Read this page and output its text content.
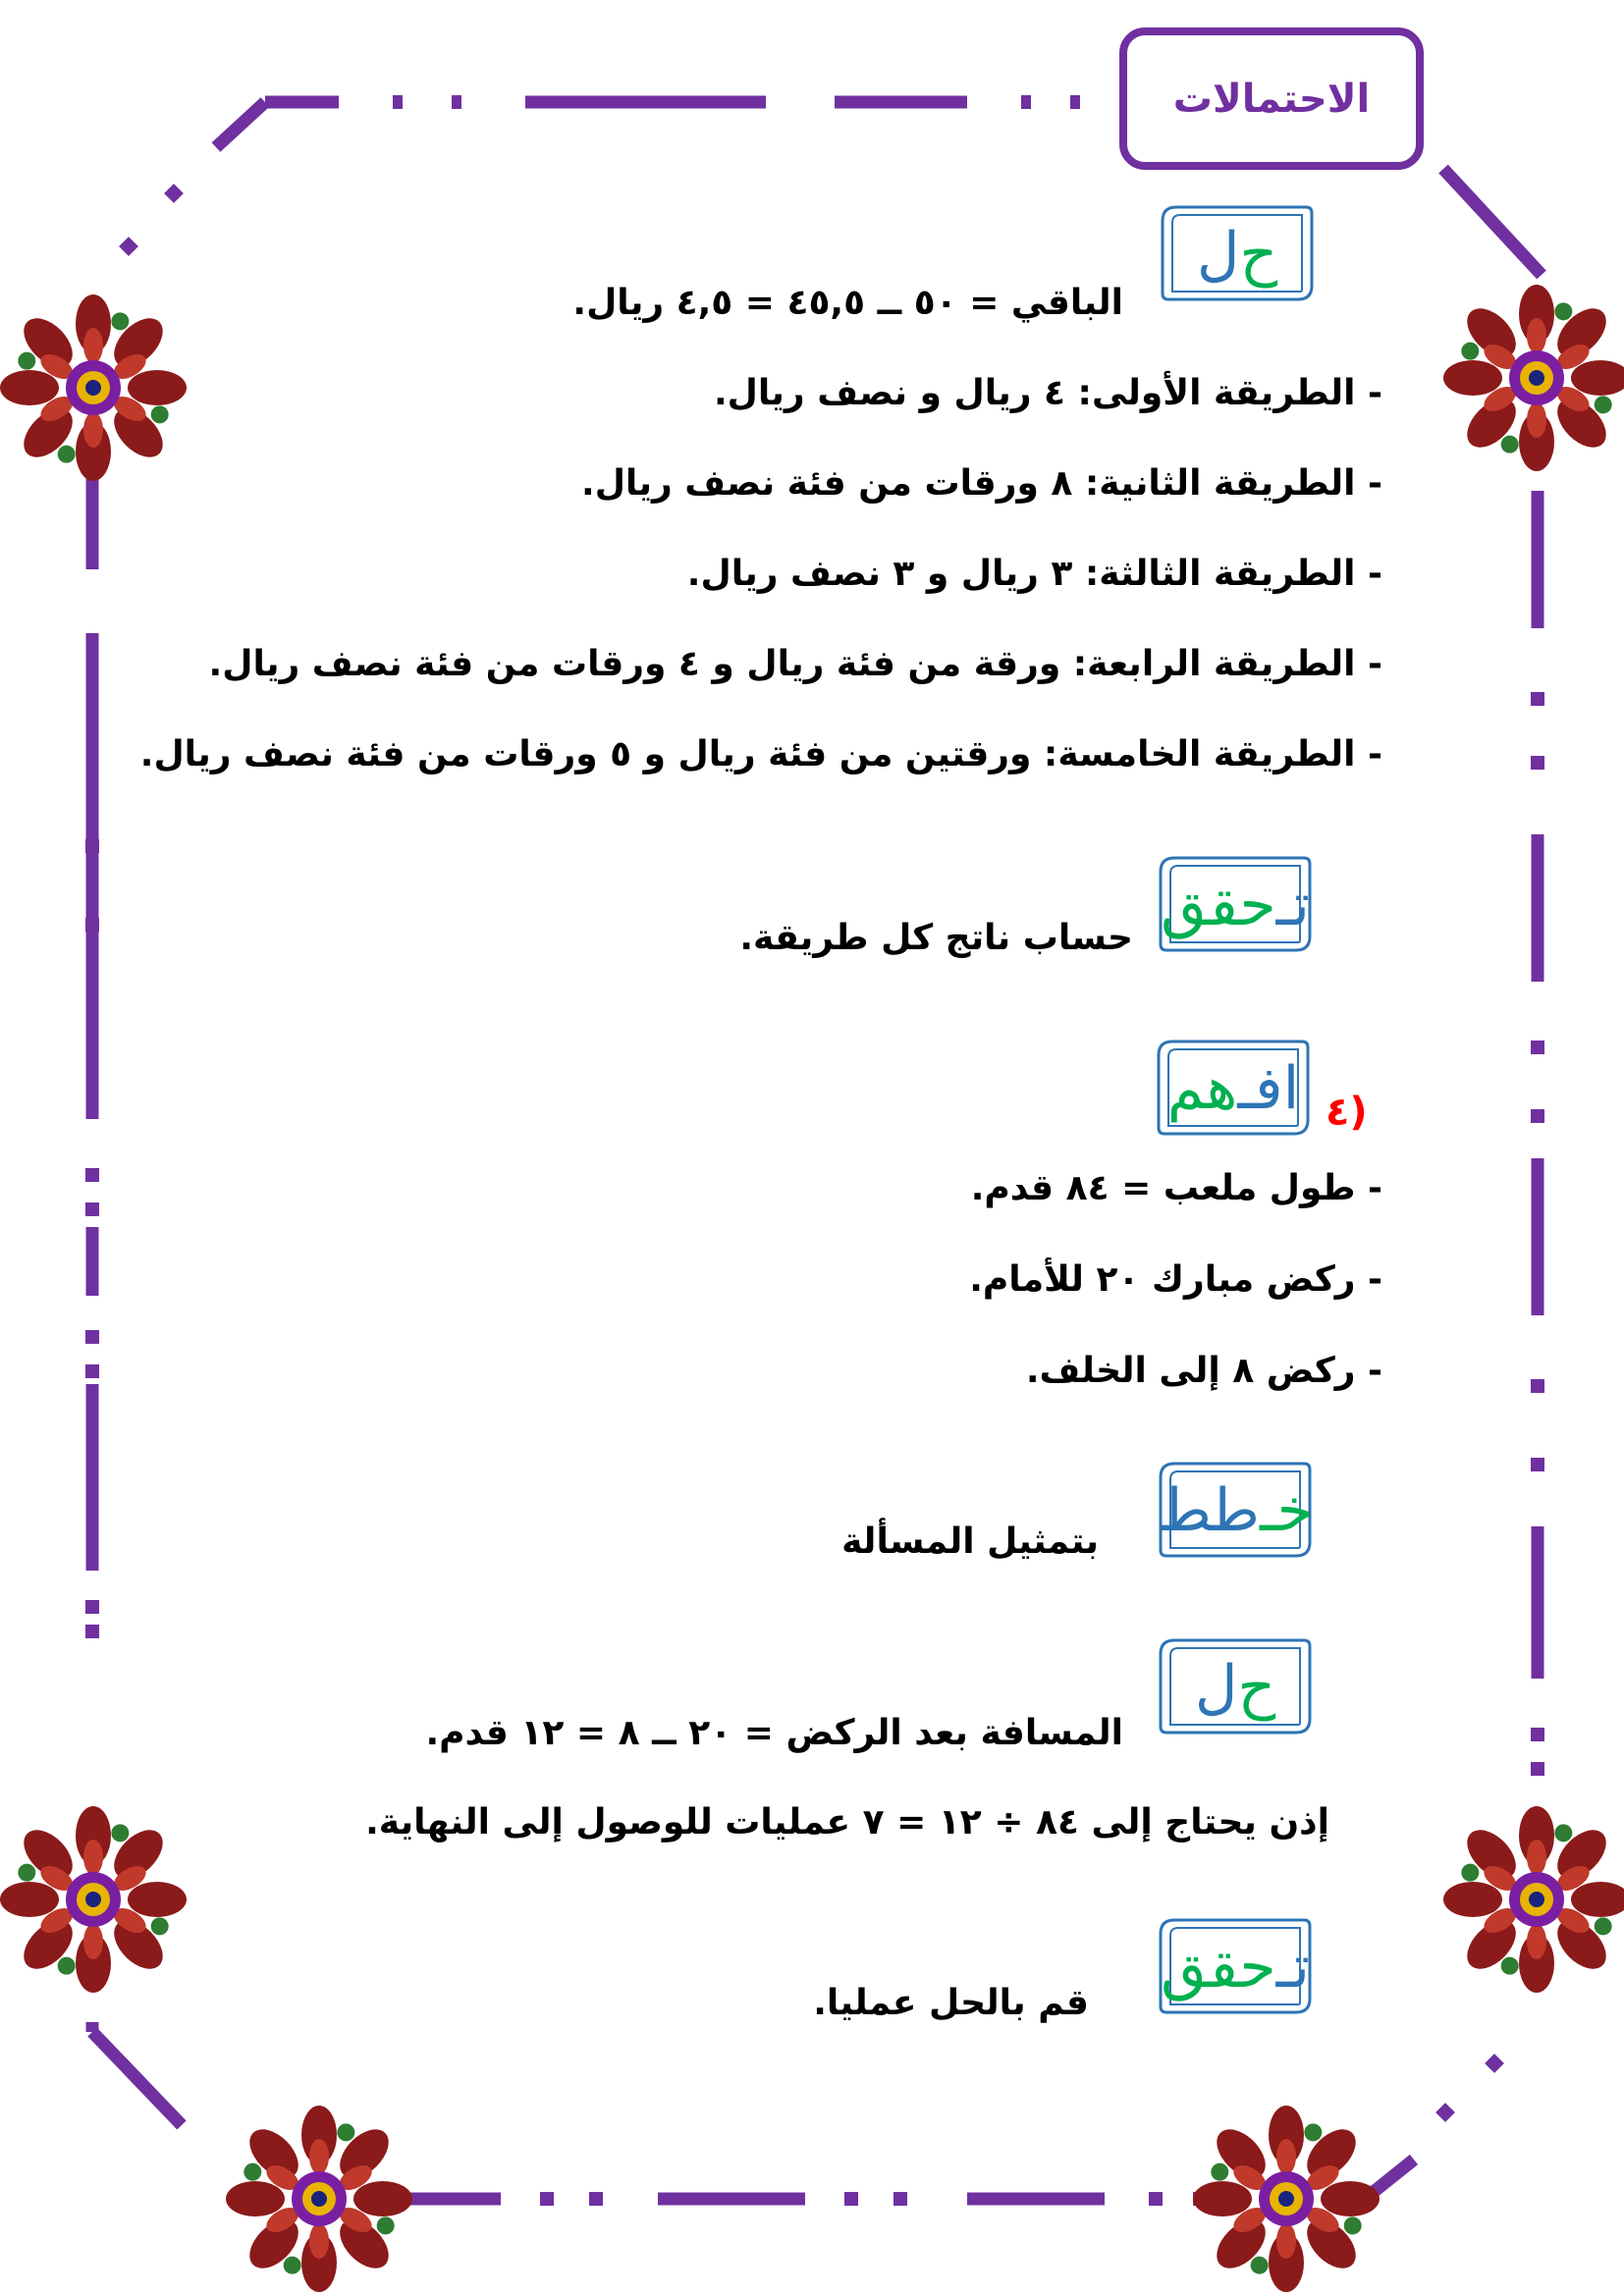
الاحتمالات
ح
ل
الباقي = ٥٠ ــ ٤٥,٥ = ٤,٥ ريال.
- الطريقة الأولى: ٤ ريال و نصف ريال.
- الطريقة الثانية: ٨ ورقات من فئة نصف ريال.
- الطريقة الثالثة: ٣ ريال و ٣ نصف ريال.
- الطريقة الرابعة: ورقة من فئة ريال و ٤ ورقات من فئة نصف ريال.
- الطريقة الخامسة: ورقتين من فئة ريال و ٥ ورقات من فئة نصف ريال.
تـ
حقق
حساب ناتج كل طريقة.
٤)
ا
فـ
هم
- طول ملعب = ٨٤ قدم.
- ركض مبارك ٢٠ للأمام.
- ركض ٨ إلى الخلف.
خـ
طط
بتمثيل المسألة
ح
ل
المسافة بعد الركض = ٢٠ ــ ٨ = ١٢ قدم.
إذن يحتاج إلى ٨٤ ÷ ١٢ = ٧ عمليات للوصول إلى النهاية.
تـ
حقق
قم بالحل عمليا.
